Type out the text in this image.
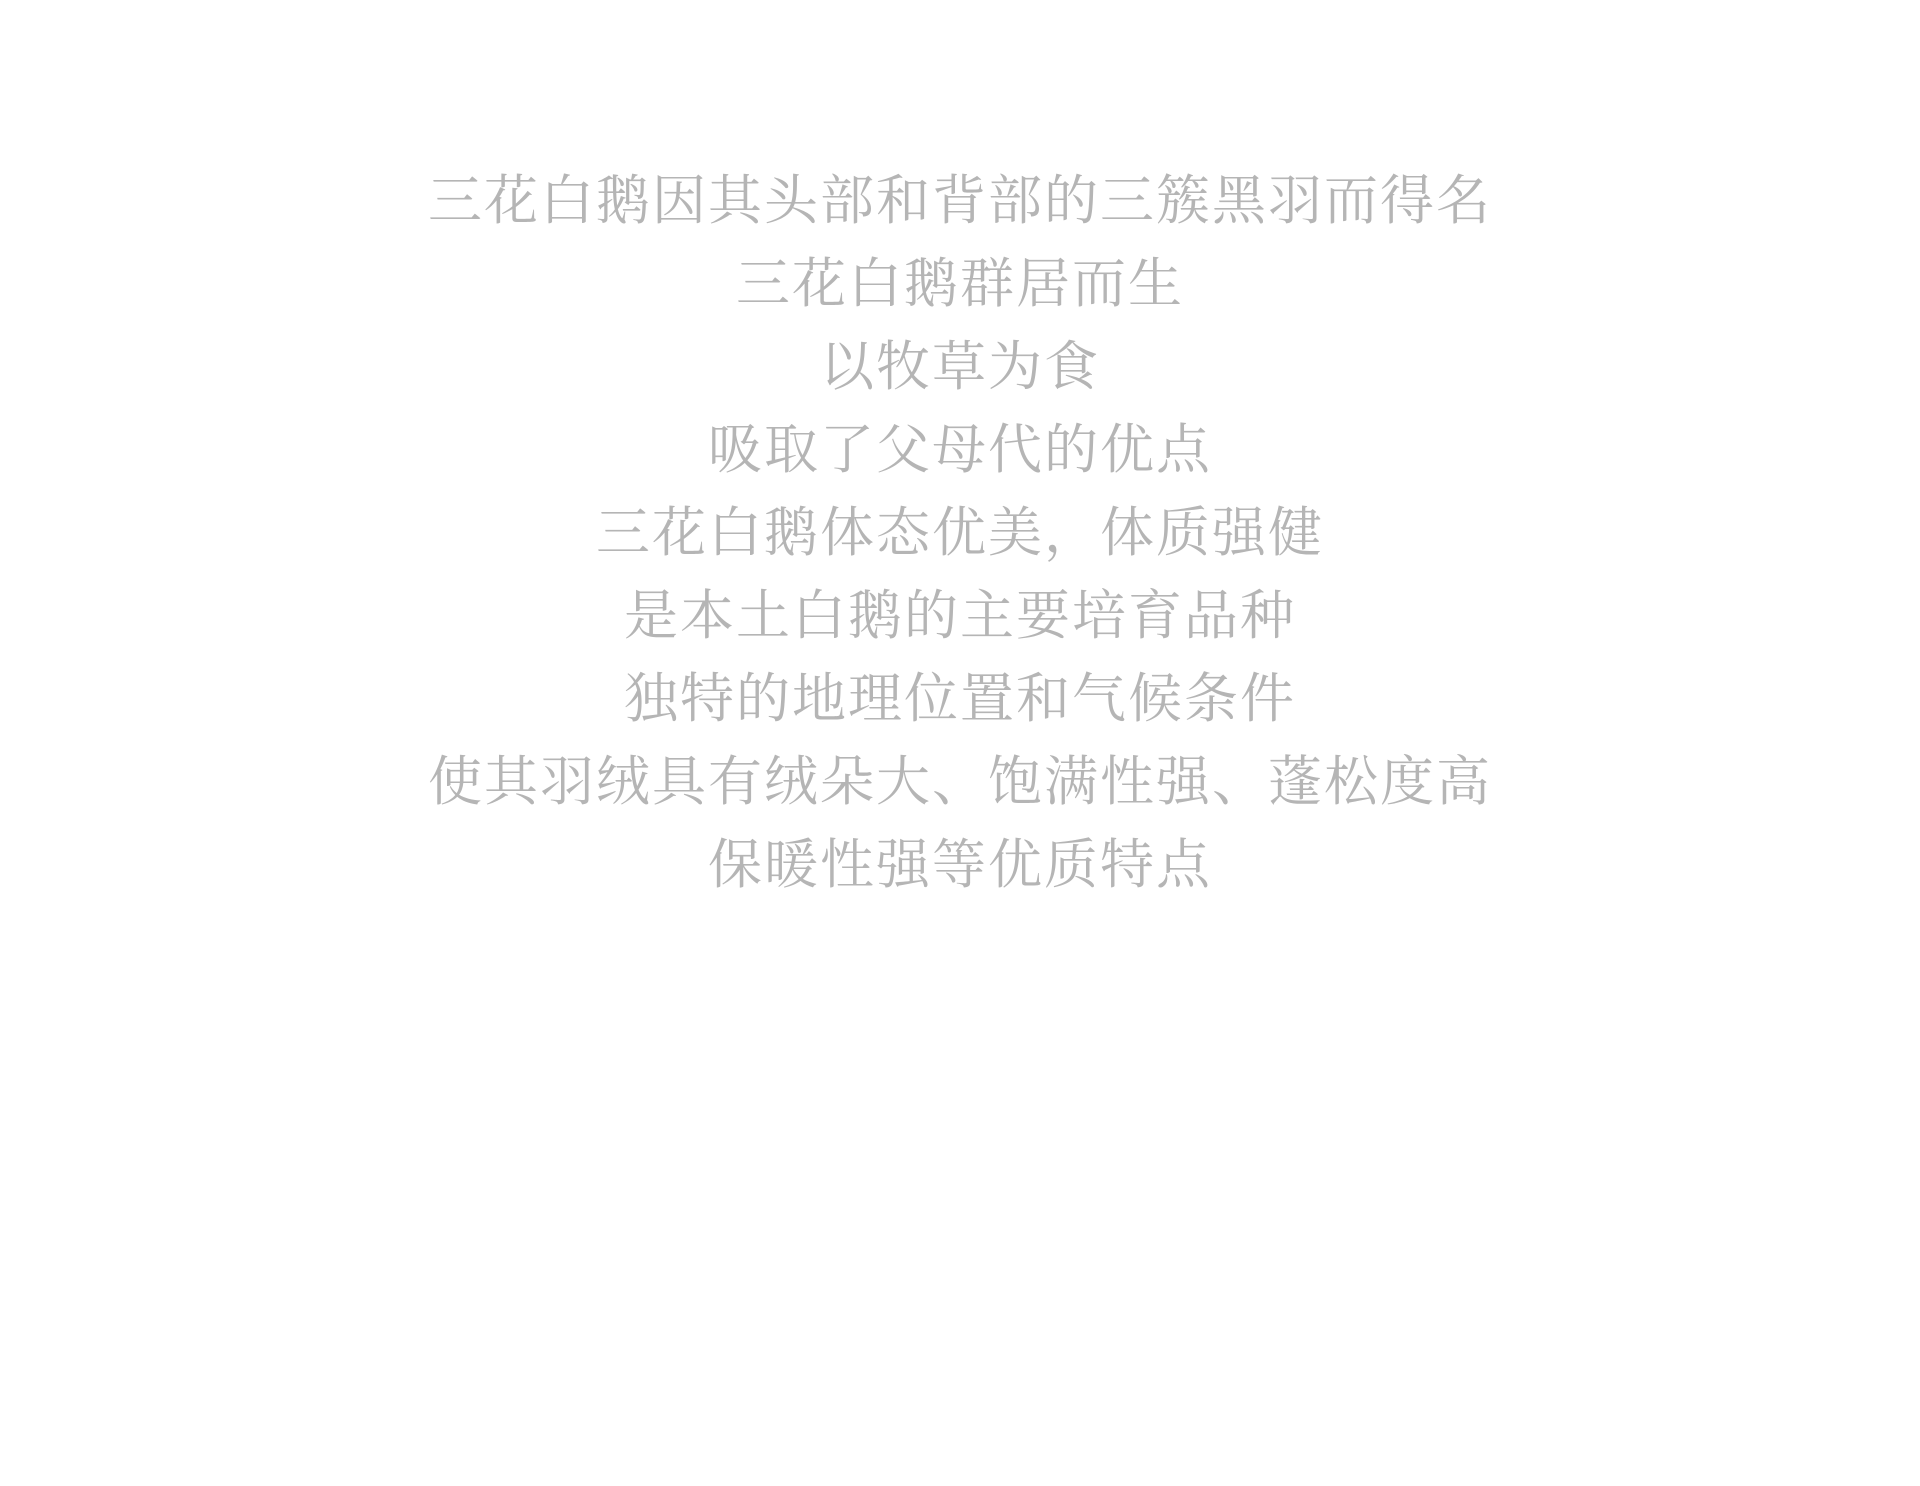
三花白鹅因其头部和背部的三簇黑羽而得名
三花白鹅群居而生
以牧草为食
吸取了父母代的优点
三花白鹅体态优美，体质强健
是本土白鹅的主要培育品种
独特的地理位置和气候条件
使其羽绒具有绒朵大、饱满性强、蓬松度高
保暖性强等优质特点
